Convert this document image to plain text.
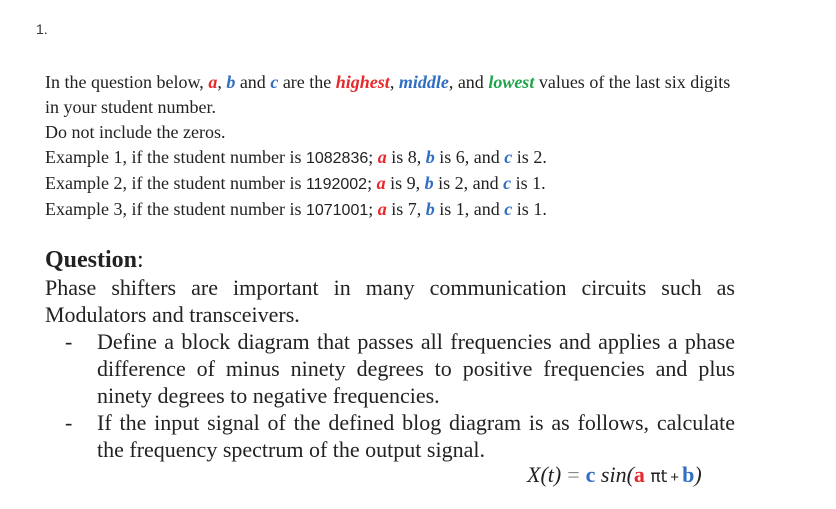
1.

In the question below, a, b and c are the highest, middle, and lowest values of the last six digits in your student number.

Do not include the zeros.

Example 1, if the student number is 1082836; a is 8, b is 6, and c is 2.

Example 2, if the student number is 1192002; a is 9, b is 2, and c is 1.

Example 3, if the student number is 1071001; a is 7, b is 1, and c is 1.

Question:

Phase shifters are important in many communication circuits such as Modulators and transceivers.

-	Define a block diagram that passes all frequencies and applies a phase difference of minus ninety degrees to positive frequencies and plus ninety degrees to negative frequencies.
-	If the input signal of the defined blog diagram is as follows, calculate the frequency spectrum of the output signal.
X(t) = c sin(a πt + b)
